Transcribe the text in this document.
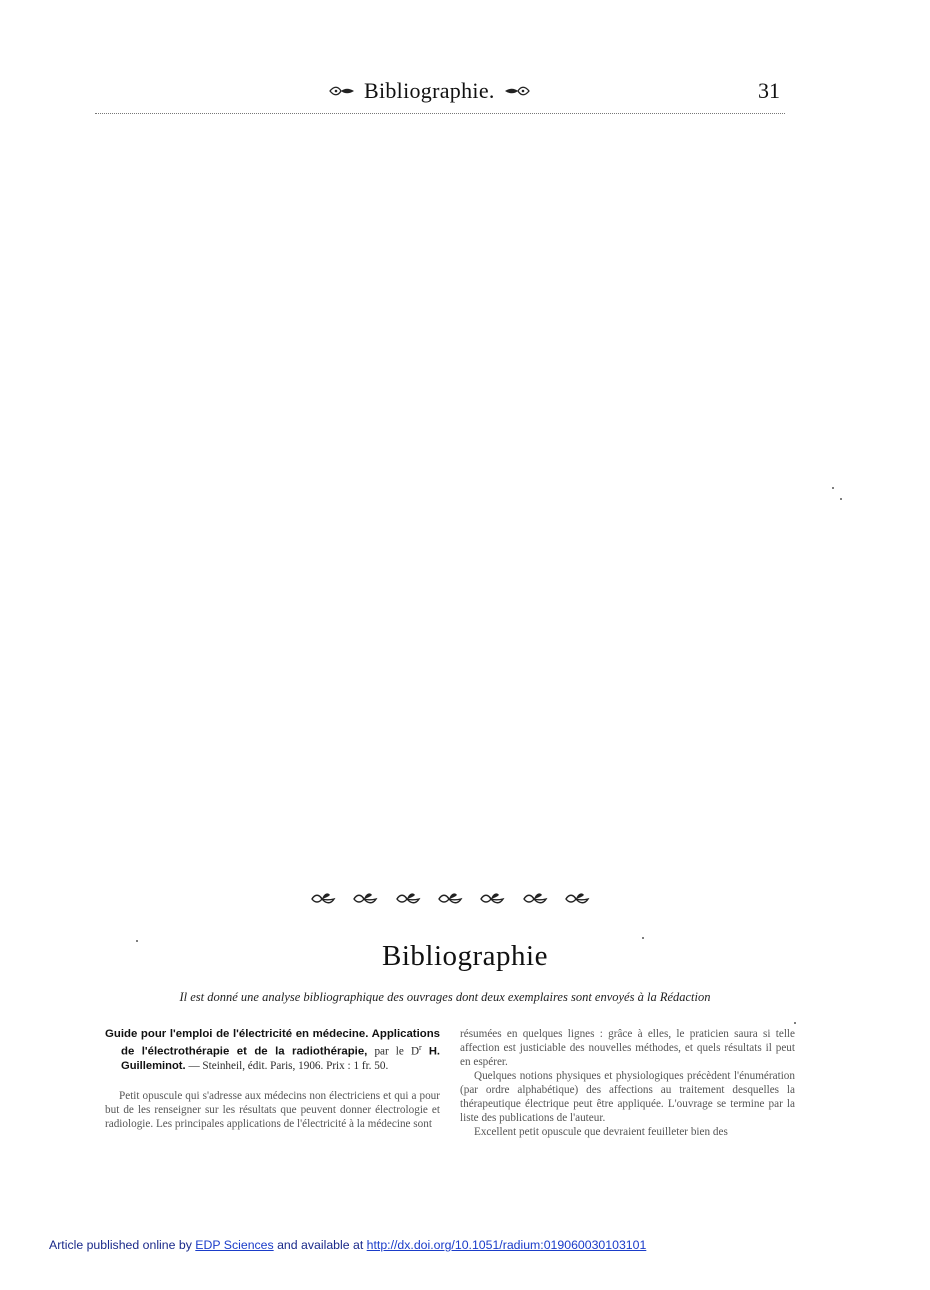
Bibliographie.	31
Bibliographie
Il est donné une analyse bibliographique des ouvrages dont deux exemplaires sont envoyés à la Rédaction
Guide pour l'emploi de l'électricité en médecine. Applications de l'électrothérapie et de la radiothérapie, par le $D^r$ H. Guilleminot. — Steinheil, édit. Paris, 1906. Prix : 1 fr. 50.

Petit opuscule qui s'adresse aux médecins non électriciens et qui a pour but de les renseigner sur les résultats que peuvent donner électrologie et radiologie. Les principales applications de l'électricité à la médecine sont

résumées en quelques lignes : grâce à elles, le praticien saura si telle affection est justiciable des nouvelles méthodes, et quels résultats il peut en espérer.

Quelques notions physiques et physiologiques précèdent l'énumération (par ordre alphabétique) des affections au traitement desquelles la thérapeutique électrique peut être appliquée. L'ouvrage se termine par la liste des publications de l'auteur.

Excellent petit opuscule que devraient feuilleter bien des

Article published online by EDP Sciences and available at http://dx.doi.org/10.1051/radium:019060030103101
